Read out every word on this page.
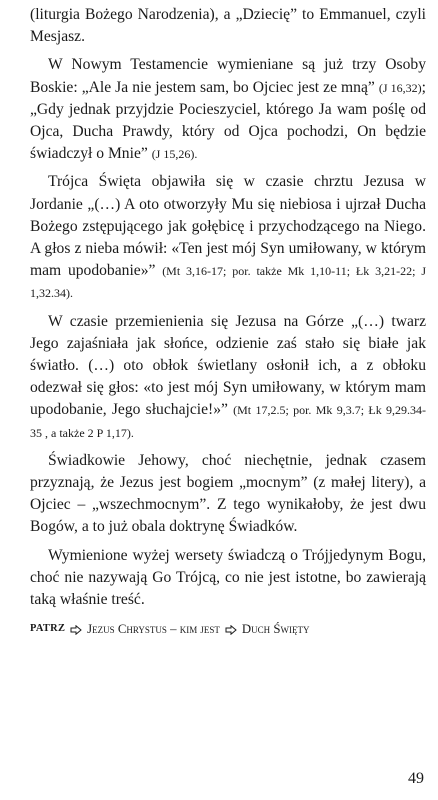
(liturgia Bożego Narodzenia), a „Dziecię” to Emmanuel, czyli Mesjasz.

W Nowym Testamencie wymieniane są już trzy Osoby Boskie: „Ale Ja nie jestem sam, bo Ojciec jest ze mną” (J 16,32); „Gdy jednak przyjdzie Pocieszyciel, którego Ja wam poślę od Ojca, Ducha Prawdy, który od Ojca pochodzi, On będzie świadczył o Mnie” (J 15,26).

Trójca Święta objawiła się w czasie chrztu Jezusa w Jordanie „(…) A oto otworzyły Mu się niebiosa i ujrzał Ducha Bożego zstępującego jak gołębicę i przychodzącego na Niego. A głos z nieba mówił: «Ten jest mój Syn umiłowany, w którym mam upodobanie»” (Mt 3,16-17; por. także Mk 1,10-11; Łk 3,21-22; J 1,32.34).

W czasie przemienienia się Jezusa na Górze „(…) twarz Jego zajaśniała jak słońce, odzienie zaś stało się białe jak światło. (…) oto obłok świetlany osłonił ich, a z obłoku odezwał się głos: «to jest mój Syn umiłowany, w którym mam upodobanie, Jego słuchajcie!»” (Mt 17,2.5; por. Mk 9,3.7; Łk 9,29.34-35 , a także 2 P 1,17).

Świadkowie Jehowy, choć niechętnie, jednak czasem przyznają, że Jezus jest bogiem „mocnym” (z małej litery), a Ojciec – „wszechmocnym”. Z tego wynikałoby, że jest dwu Bogów, a to już obala doktrynę Świadków.

Wymienione wyżej wersety świadczą o Trójjedynym Bogu, choć nie nazywają Go Trójcą, co nie jest istotne, bo zawierają taką właśnie treść.

PATRZ Jezus Chrystus – kim jest Duch Święty
49
